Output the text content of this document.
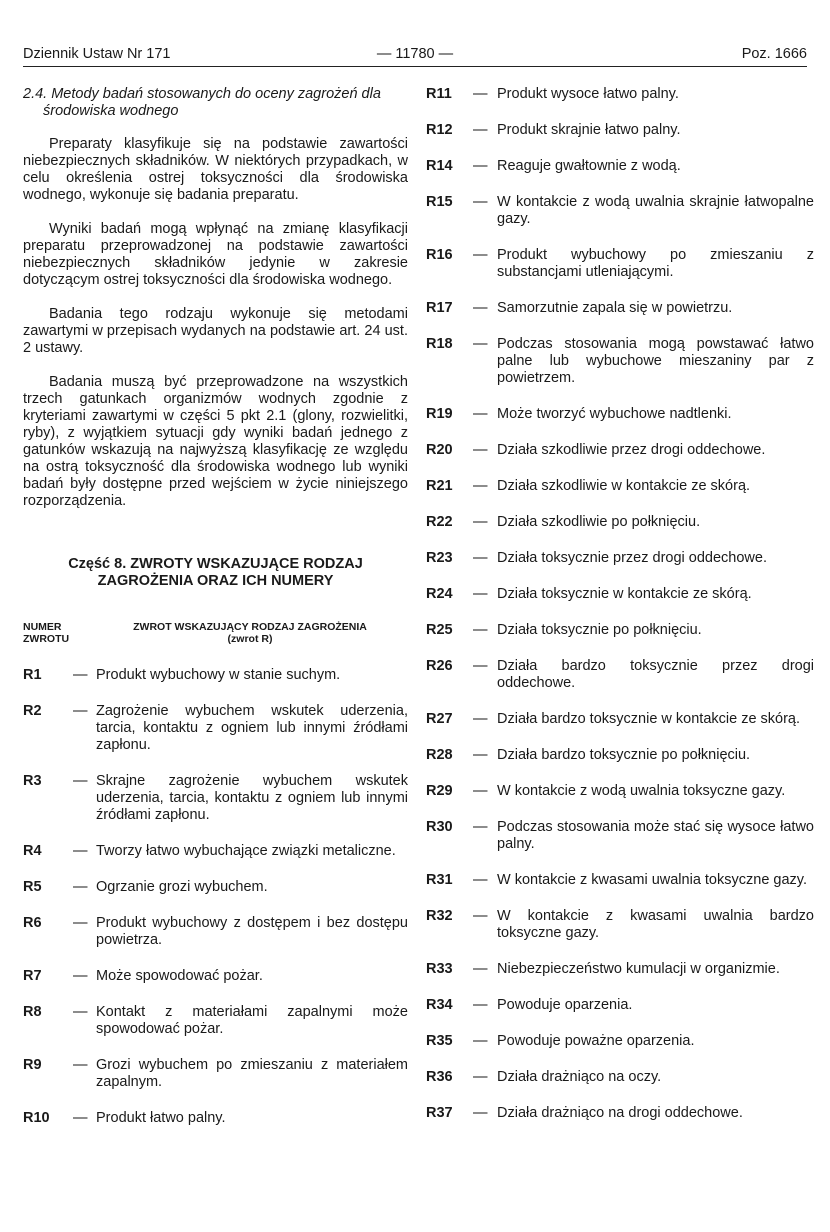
Dziennik Ustaw Nr 171	— 11780 —	Poz. 1666

2.4. Metody badań stosowanych do oceny zagrożeń dla środowiska wodnego

Preparaty klasyfikuje się na podstawie zawartości niebezpiecznych składników. W niektórych przypadkach, w celu określenia ostrej toksyczności dla środowiska wodnego, wykonuje się badania preparatu.

Wyniki badań mogą wpłynąć na zmianę klasyfikacji preparatu przeprowadzonej na podstawie zawartości niebezpiecznych składników jedynie w zakresie dotyczącym ostrej toksyczności dla środowiska wodnego.

Badania tego rodzaju wykonuje się metodami zawartymi w przepisach wydanych na podstawie art. 24 ust. 2 ustawy.

Badania muszą być przeprowadzone na wszystkich trzech gatunkach organizmów wodnych zgodnie z kryteriami zawartymi w części 5 pkt 2.1 (glony, rozwielitki, ryby), z wyjątkiem sytuacji gdy wyniki badań jednego z gatunków wskazują na najwyższą klasyfikację ze względu na ostrą toksyczność dla środowiska wodnego lub wyniki badań były dostępne przed wejściem w życie niniejszego rozporządzenia.

Część 8. ZWROTY WSKAZUJĄCE RODZAJ
ZAGROŻENIA ORAZ ICH NUMERY
NUMER
ZWROTU
ZWROT WSKAZUJĄCY RODZAJ ZAGROŻENIA
(zwrot R)
R1 — Produkt wybuchowy w stanie suchym.
R2 — Zagrożenie wybuchem wskutek uderzenia, tarcia, kontaktu z ogniem lub innymi źródłami zapłonu.
R3 — Skrajne zagrożenie wybuchem wskutek uderzenia, tarcia, kontaktu z ogniem lub innymi źródłami zapłonu.
R4 — Tworzy łatwo wybuchające związki metaliczne.
R5 — Ogrzanie grozi wybuchem.
R6 — Produkt wybuchowy z dostępem i bez dostępu powietrza.
R7 — Może spowodować pożar.
R8 — Kontakt z materiałami zapalnymi może spowodować pożar.
R9 — Grozi wybuchem po zmieszaniu z materiałem zapalnym.
R10 — Produkt łatwo palny.
R11 — Produkt wysoce łatwo palny.
R12 — Produkt skrajnie łatwo palny.
R14 — Reaguje gwałtownie z wodą.
R15 — W kontakcie z wodą uwalnia skrajnie łatwopalne gazy.
R16 — Produkt wybuchowy po zmieszaniu z substancjami utleniającymi.
R17 — Samorzutnie zapala się w powietrzu.
R18 — Podczas stosowania mogą powstawać łatwo palne lub wybuchowe mieszaniny par z powietrzem.
R19 — Może tworzyć wybuchowe nadtlenki.
R20 — Działa szkodliwie przez drogi oddechowe.
R21 — Działa szkodliwie w kontakcie ze skórą.
R22 — Działa szkodliwie po połknięciu.
R23 — Działa toksycznie przez drogi oddechowe.
R24 — Działa toksycznie w kontakcie ze skórą.
R25 — Działa toksycznie po połknięciu.
R26 — Działa bardzo toksycznie przez drogi oddechowe.
R27 — Działa bardzo toksycznie w kontakcie ze skórą.
R28 — Działa bardzo toksycznie po połknięciu.
R29 — W kontakcie z wodą uwalnia toksyczne gazy.
R30 — Podczas stosowania może stać się wysoce łatwo palny.
R31 — W kontakcie z kwasami uwalnia toksyczne gazy.
R32 — W kontakcie z kwasami uwalnia bardzo toksyczne gazy.
R33 — Niebezpieczeństwo kumulacji w organizmie.
R34 — Powoduje oparzenia.
R35 — Powoduje poważne oparzenia.
R36 — Działa drażniąco na oczy.
R37 — Działa drażniąco na drogi oddechowe.
